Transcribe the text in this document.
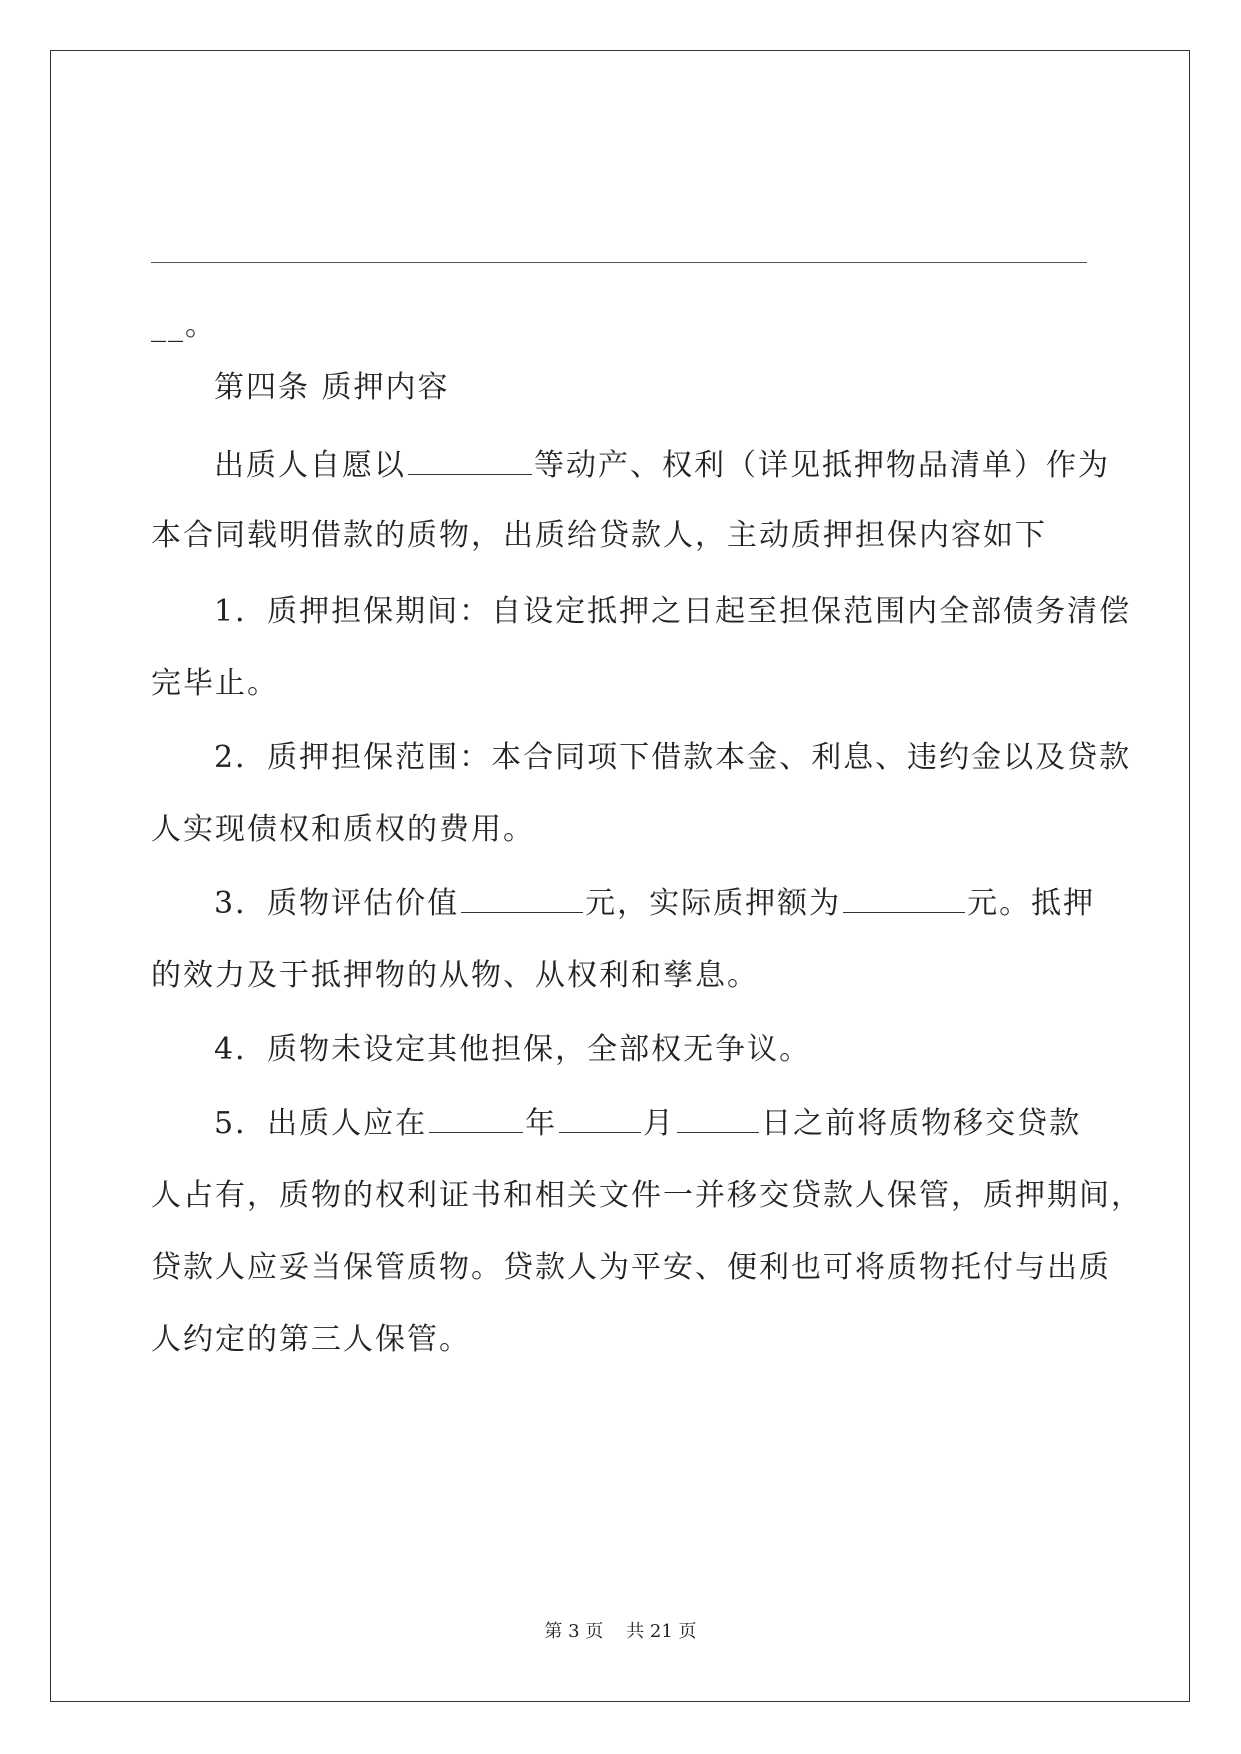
__。
第四条 质押内容
出质人自愿以	等动产、权利（详见抵押物品清单）作为
本合同载明借款的质物，出质给贷款人，主动质押担保内容如下
1．质押担保期间：自设定抵押之日起至担保范围内全部债务清偿
完毕止。
2．质押担保范围：本合同项下借款本金、利息、违约金以及贷款
人实现债权和质权的费用。
3．质物评估价值	元，实际质押额为	元。抵押
的效力及于抵押物的从物、从权利和孳息。
4．质物未设定其他担保，全部权无争议。
5．出质人应在	年	月	日之前将质物移交贷款
人占有，质物的权利证书和相关文件一并移交贷款人保管，质押期间，
贷款人应妥当保管质物。贷款人为平安、便利也可将质物托付与出质
人约定的第三人保管。
第 3 页    共 21 页
